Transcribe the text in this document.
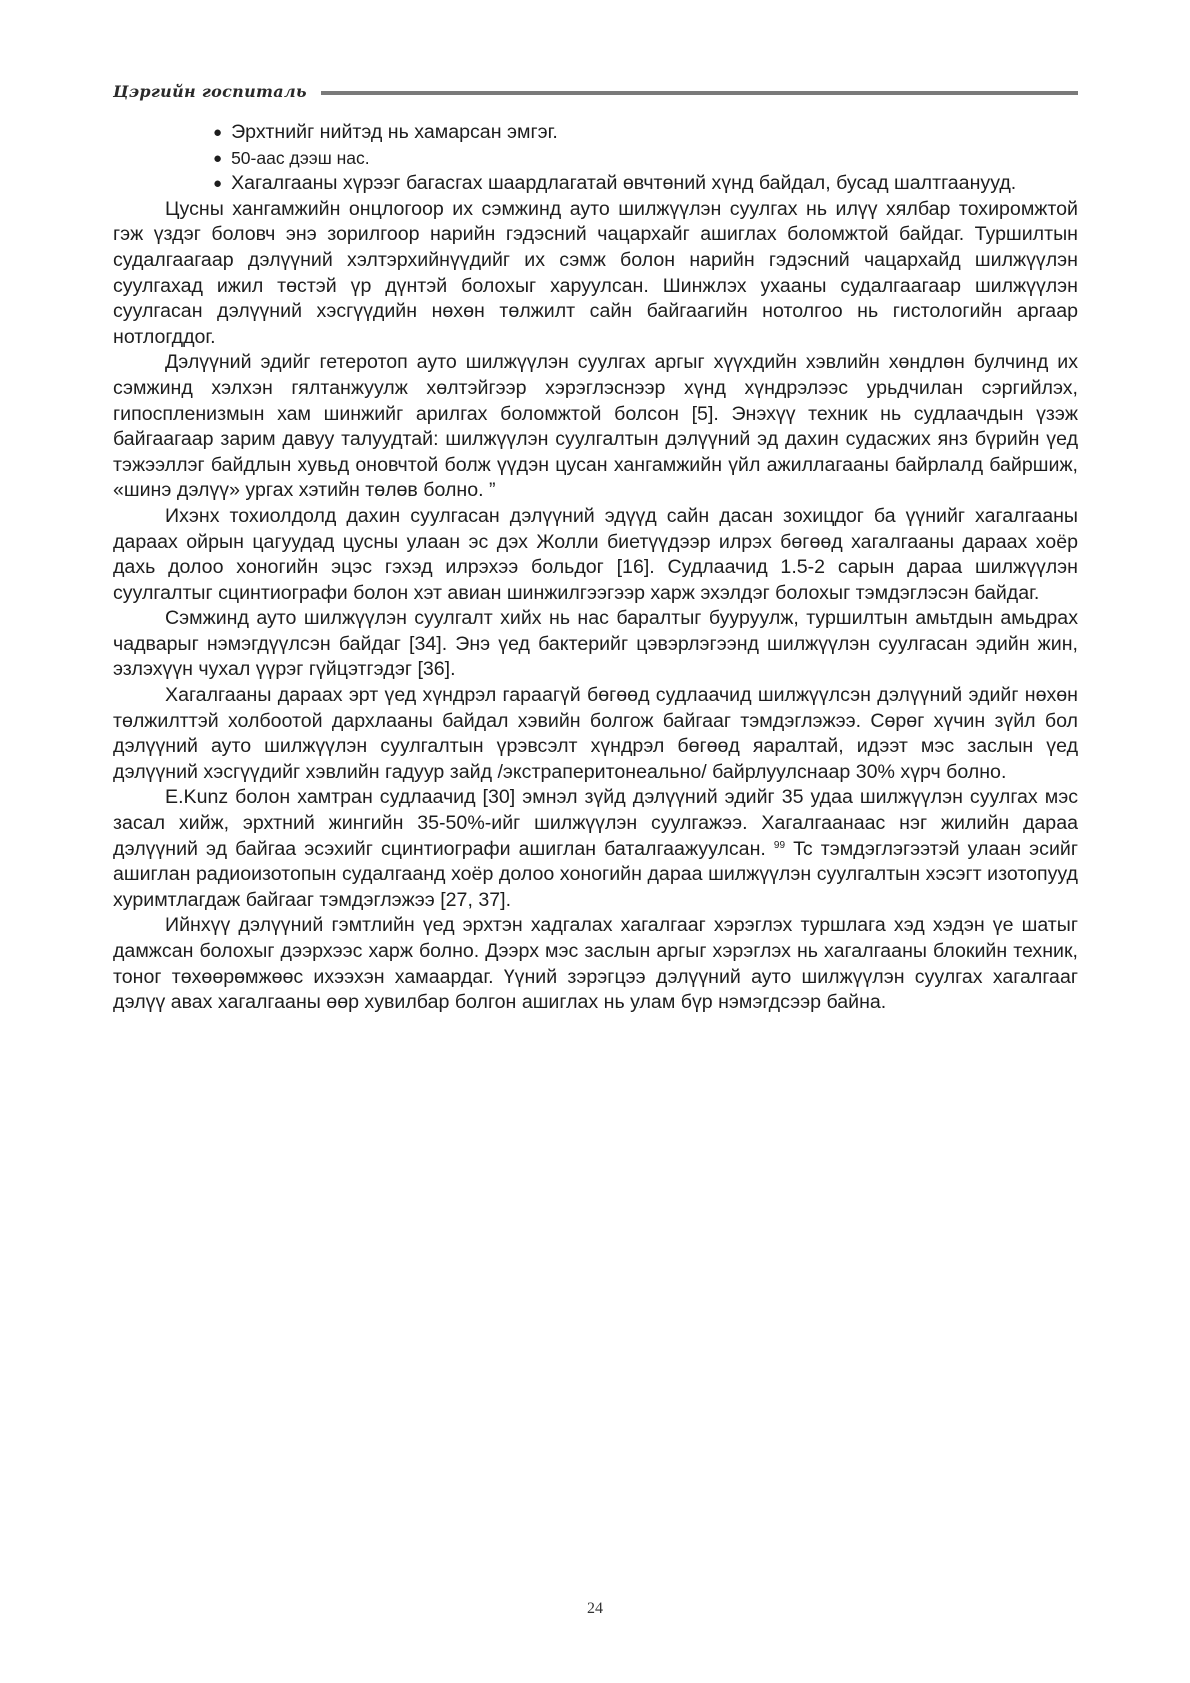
Цэргийн госпиталь

● Эрхтнийг нийтэд нь хамарсан эмгэг.

● 50-аас дээш нас.

● Хагалгааны хүрээг багасгах шаардлагатай өвчтөний хүнд байдал, бусад шалтгаанууд.

Цусны хангамжийн онцлогоор их сэмжинд ауто шилжүүлэн суулгах нь илүү хялбар тохиромжтой гэж үздэг боловч энэ зорилгоор нарийн гэдэсний чацархайг ашиглах боломжтой байдаг. Туршилтын судалгаагаар дэлүүний хэлтэрхийнүүдийг их сэмж болон нарийн гэдэсний чацархайд шилжүүлэн суулгахад ижил төстэй үр дүнтэй болохыг харуулсан. Шинжлэх ухааны судалгаагаар шилжүүлэн суулгасан дэлүүний хэсгүүдийн нөхөн төлжилт сайн байгаагийн нотолгоо нь гистологийн аргаар нотлогддог.

Дэлүүний эдийг гетеротоп ауто шилжүүлэн суулгах аргыг хүүхдийн хэвлийн хөндлөн булчинд их сэмжинд хэлхэн гялтанжуулж хөлтэйгээр хэрэглэснээр хүнд хүндрэлээс урьдчилан сэргийлэх, гипоспленизмын хам шинжийг арилгах боломжтой болсон [5]. Энэхүү техник нь судлаачдын үзэж байгаагаар зарим давуу талуудтай: шилжүүлэн суулгалтын дэлүүний эд дахин судасжих янз бүрийн үед тэжээллэг байдлын хувьд оновчтой болж үүдэн цусан хангамжийн үйл ажиллагааны байрлалд байршиж, «шинэ дэлүү» ургах хэтийн төлөв болно. ”

Ихэнх тохиолдолд дахин суулгасан дэлүүний эдүүд сайн дасан зохицдог ба үүнийг хагалгааны дараах ойрын цагуудад цусны улаан эс дэх Жолли биетүүдээр илрэх бөгөөд хагалгааны дараах хоёр дахь долоо хоногийн эцэс гэхэд илрэхээ больдог [16]. Судлаачид 1.5-2 сарын дараа шилжүүлэн суулгалтыг сцинтиографи болон хэт авиан шинжилгээгээр харж эхэлдэг болохыг тэмдэглэсэн байдаг.

Сэмжинд ауто шилжүүлэн суулгалт хийх нь нас баралтыг бууруулж, туршилтын амьтдын амьдрах чадварыг нэмэгдүүлсэн байдаг [34]. Энэ үед бактерийг цэвэрлэгээнд шилжүүлэн суулгасан эдийн жин, эзлэхүүн чухал үүрэг гүйцэтгэдэг [36].

Хагалгааны дараах эрт үед хүндрэл гараагүй бөгөөд судлаачид шилжүүлсэн дэлүүний эдийг нөхөн төлжилттэй холбоотой дархлааны байдал хэвийн болгож байгааг тэмдэглэжээ. Сөрөг хүчин зүйл бол дэлүүний ауто шилжүүлэн суулгалтын үрэвсэлт хүндрэл бөгөөд яаралтай, идээт мэс заслын үед дэлүүний хэсгүүдийг хэвлийн гадуур зайд /экстраперитонеально/ байрлуулснаар 30% хүрч болно.

E.Kunz болон хамтран судлаачид [30] эмнэл зүйд дэлүүний эдийг 35 удаа шилжүүлэн суулгах мэс засал хийж, эрхтний жингийн 35-50%-ийг шилжүүлэн суулгажээ. Хагалгаанаас нэг жилийн дараа дэлүүний эд байгаа эсэхийг сцинтиографи ашиглан баталгаажуулсан. $^{99}$ Tc тэмдэглэгээтэй улаан эсийг ашиглан радиоизотопын судалгаанд хоёр долоо хоногийн дараа шилжүүлэн суулгалтын хэсэгт изотопууд хуримтлагдаж байгааг тэмдэглэжээ [27, 37].

Ийнхүү дэлүүний гэмтлийн үед эрхтэн хадгалах хагалгааг хэрэглэх туршлага хэд хэдэн үе шатыг дамжсан болохыг дээрхээс харж болно. Дээрх мэс заслын аргыг хэрэглэх нь хагалгааны блокийн техник, тоног төхөөрөмжөөс ихээхэн хамаардаг. Үүний зэрэгцээ дэлүүний ауто шилжүүлэн суулгах хагалгааг дэлүү авах хагалгааны өөр хувилбар болгон ашиглах нь улам бүр нэмэгдсээр байна.

24
